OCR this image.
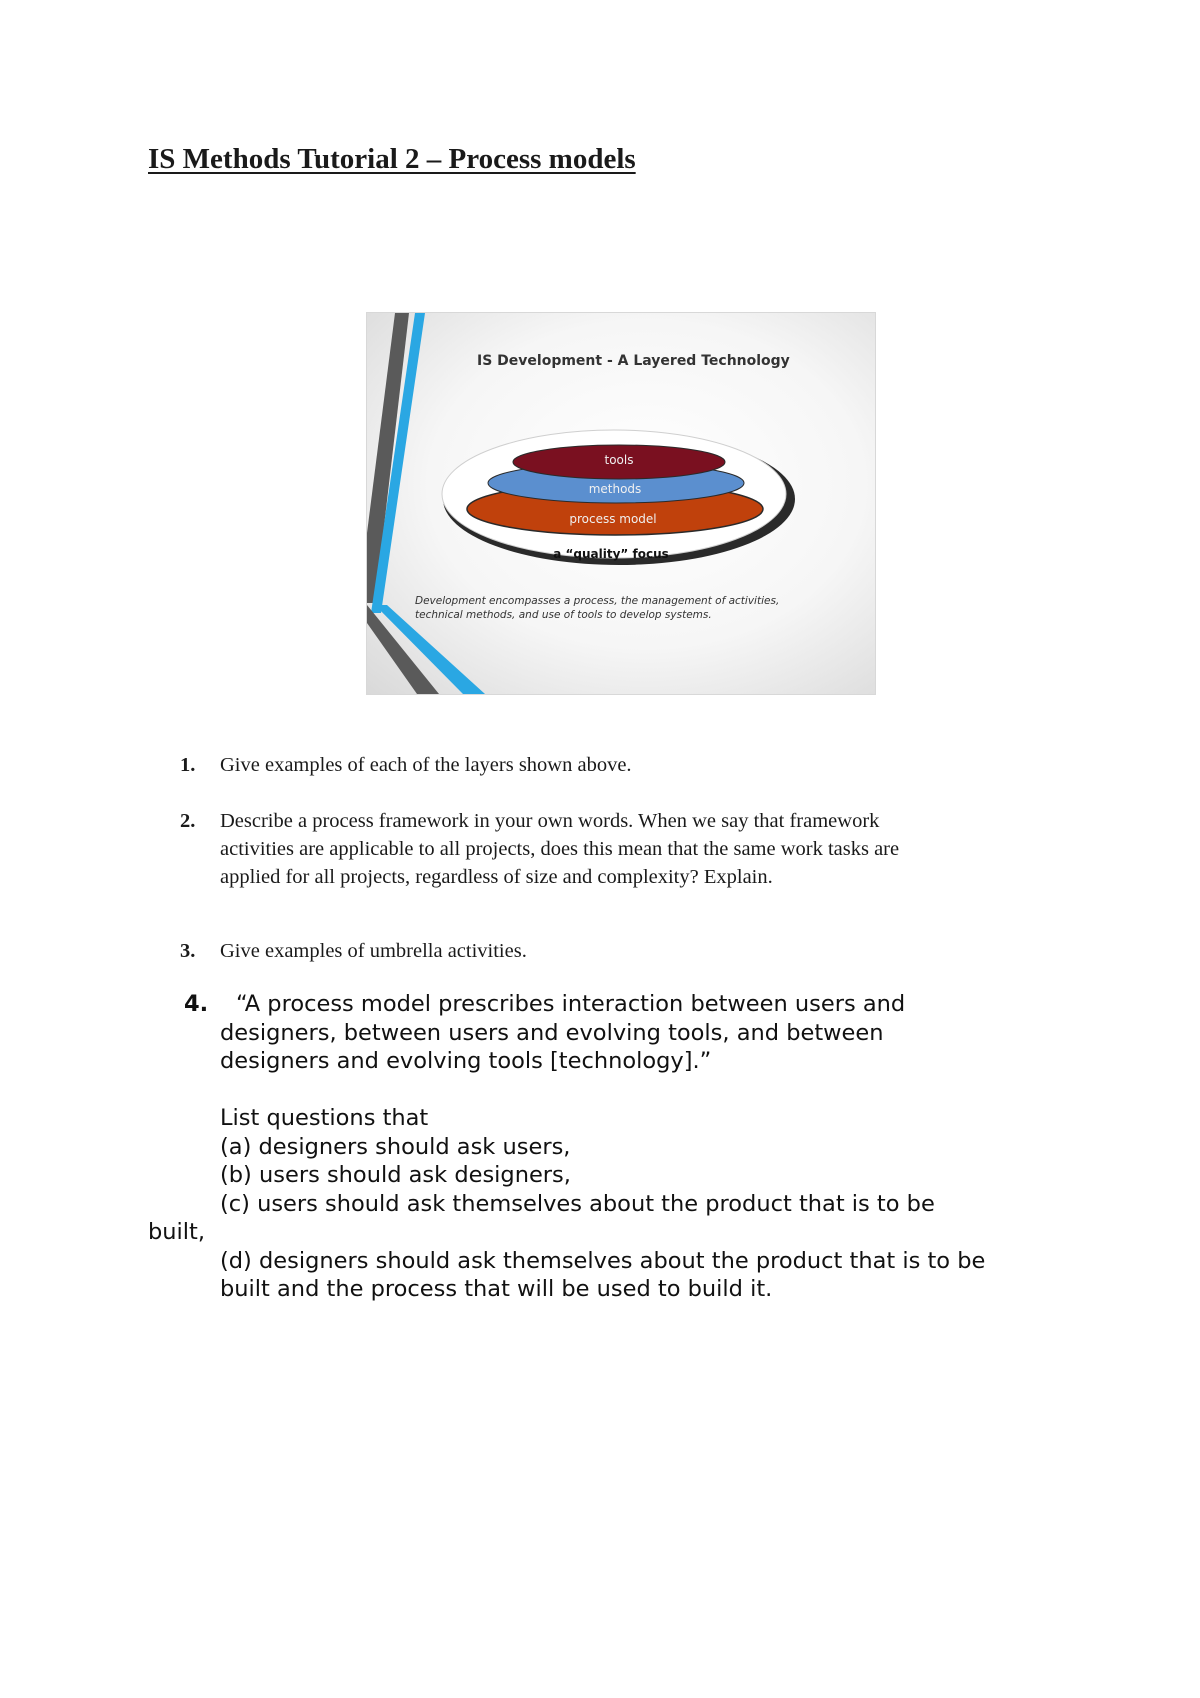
IS Methods Tutorial 2 – Process models
IS Development - A Layered Technology
tools
methods
process model
a “quality” focus
Development encompasses a process, the management of activities,
technical methods, and use of tools to develop systems.
1. Give examples of each of the layers shown above.
2. Describe a process framework in your own words. When we say that framework
activities are applicable to all projects, does this mean that the same work tasks are
applied for all projects, regardless of size and complexity? Explain.
3. Give examples of umbrella activities.
4. “A process model prescribes interaction between users and
designers, between users and evolving tools, and between
designers and evolving tools [technology].”
List questions that
(a) designers should ask users,
(b) users should ask designers,
(c) users should ask themselves about the product that is to be
built,
(d) designers should ask themselves about the product that is to be
built and the process that will be used to build it.
